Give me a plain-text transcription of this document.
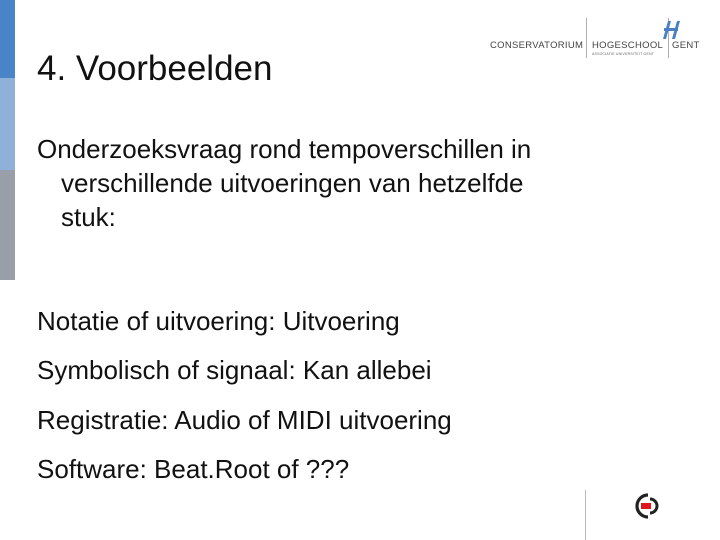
4. Voorbeelden
CONSERVATORIUM HOGESCHOOL GENT
ASSOCIATIE UNIVERSITEIT GENT
Onderzoeksvraag rond tempoverschillen in
verschillende uitvoeringen van hetzelfde
stuk:
Notatie of uitvoering: Uitvoering
Symbolisch of signaal: Kan allebei
Registratie: Audio of MIDI uitvoering
Software: Beat.Root of ???
